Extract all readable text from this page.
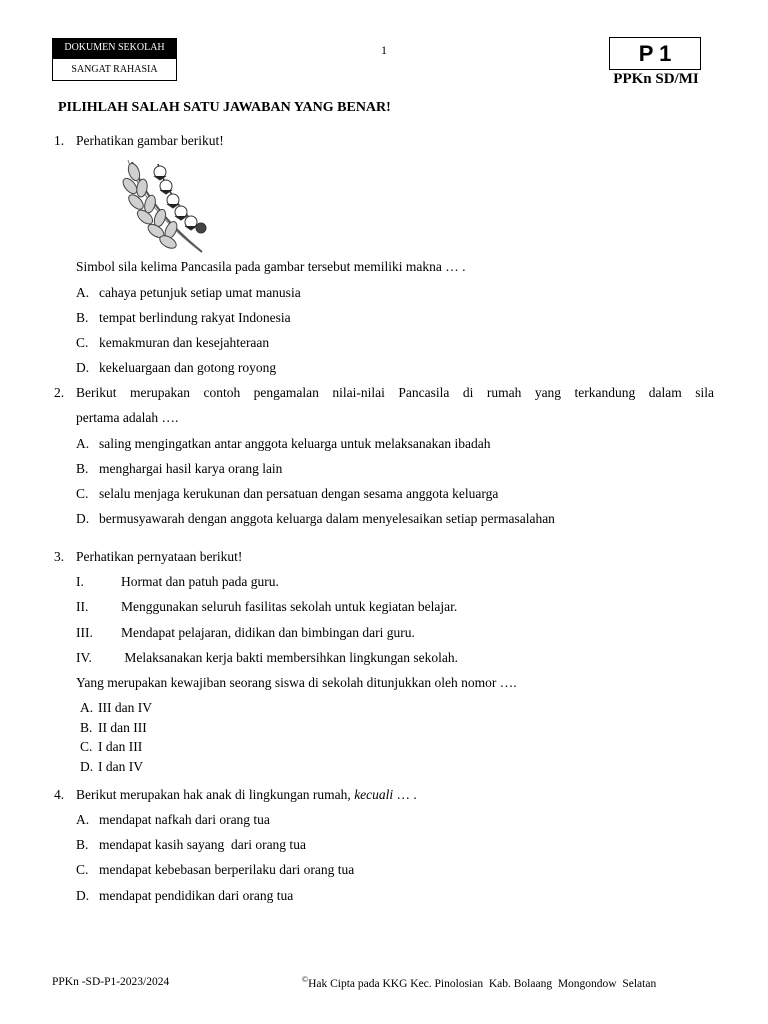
DOKUMEN SEKOLAH
SANGAT RAHASIA
1	P 1
PPKn SD/MI
PILIHLAH SALAH SATU JAWABAN YANG BENAR!
1. Perhatikan gambar berikut!
Simbol sila kelima Pancasila pada gambar tersebut memiliki makna … .
A. cahaya petunjuk setiap umat manusia
B. tempat berlindung rakyat Indonesia
C. kemakmuran dan kesejahteraan
D. kekeluargaan dan gotong royong
2. Berikut merupakan contoh pengamalan nilai-nilai Pancasila di rumah yang terkandung dalam sila
pertama adalah ….
A. saling mengingatkan antar anggota keluarga untuk melaksanakan ibadah
B. menghargai hasil karya orang lain
C. selalu menjaga kerukunan dan persatuan dengan sesama anggota keluarga
D. bermusyawarah dengan anggota keluarga dalam menyelesaikan setiap permasalahan
3. Perhatikan pernyataan berikut!
I.	Hormat dan patuh pada guru.
II. Menggunakan seluruh fasilitas sekolah untuk kegiatan belajar.
III. Mendapat pelajaran, didikan dan bimbingan dari guru.
IV. Melaksanakan kerja bakti membersihkan lingkungan sekolah.
Yang merupakan kewajiban seorang siswa di sekolah ditunjukkan oleh nomor ….
A. III dan IV
B. II dan III
C. I dan III
D. I dan IV
4. Berikut merupakan hak anak di lingkungan rumah, kecuali … .
A. mendapat nafkah dari orang tua
B. mendapat kasih sayang  dari orang tua
C. mendapat kebebasan berperilaku dari orang tua
D. mendapat pendidikan dari orang tua
PPKn -SD-P1-2023/2024	©Hak Cipta pada KKG Kec. Pinolosian  Kab. Bolaang  Mongondow  Selatan
